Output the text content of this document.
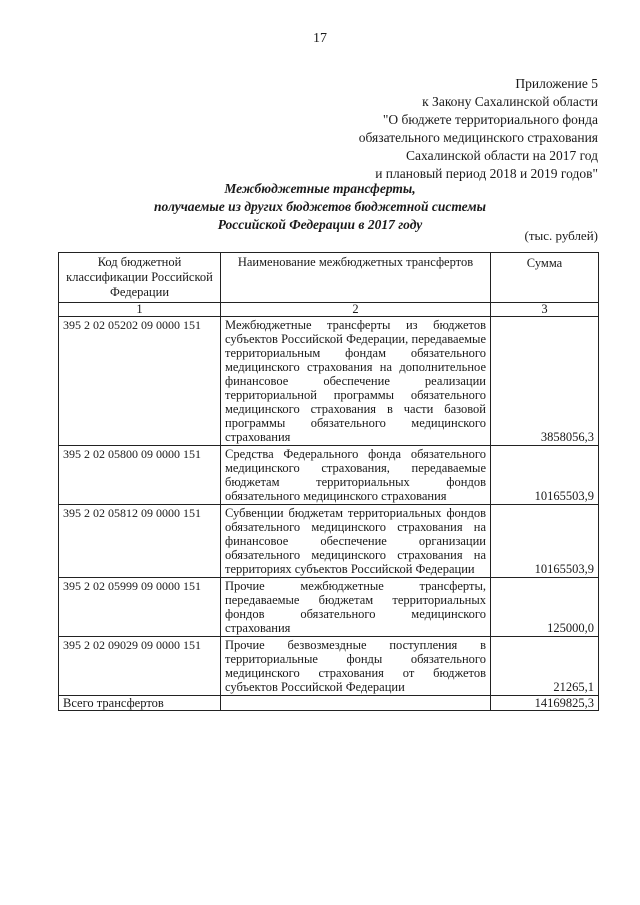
17
Приложение 5
к Закону Сахалинской области
"О бюджете территориального фонда
обязательного медицинского страхования
Сахалинской области на 2017 год
и плановый период 2018 и 2019 годов"
Межбюджетные трансферты,
получаемые из других бюджетов бюджетной системы
Российской Федерации в 2017 году
(тыс. рублей)
Код бюджетной классификации Российской Федерации	Наименование межбюджетных трансфертов	Сумма
1	2	3
395 2 02 05202 09 0000 151	Межбюджетные трансферты из бюджетов субъектов Российской Федерации, передаваемые территориальным фондам обязательного медицинского страхования на дополнительное финансовое обеспечение реализации территориальной программы обязательного медицинского страхования в части базовой программы обязательного медицинского страхования	3858056,3
395 2 02 05800 09 0000 151	Средства Федерального фонда обязательного медицинского страхования, передаваемые бюджетам территориальных фондов обязательного медицинского страхования	10165503,9
395 2 02 05812 09 0000 151	Субвенции бюджетам территориальных фондов обязательного медицинского страхования на финансовое обеспечение организации обязательного медицинского страхования на территориях субъектов Российской Федерации	10165503,9
395 2 02 05999 09 0000 151	Прочие межбюджетные трансферты, передаваемые бюджетам территориальных фондов обязательного медицинского страхования	125000,0
395 2 02 09029 09 0000 151	Прочие безвозмездные поступления в территориальные фонды обязательного медицинского страхования от бюджетов субъектов Российской Федерации	21265,1
Всего трансфертов		14169825,3
